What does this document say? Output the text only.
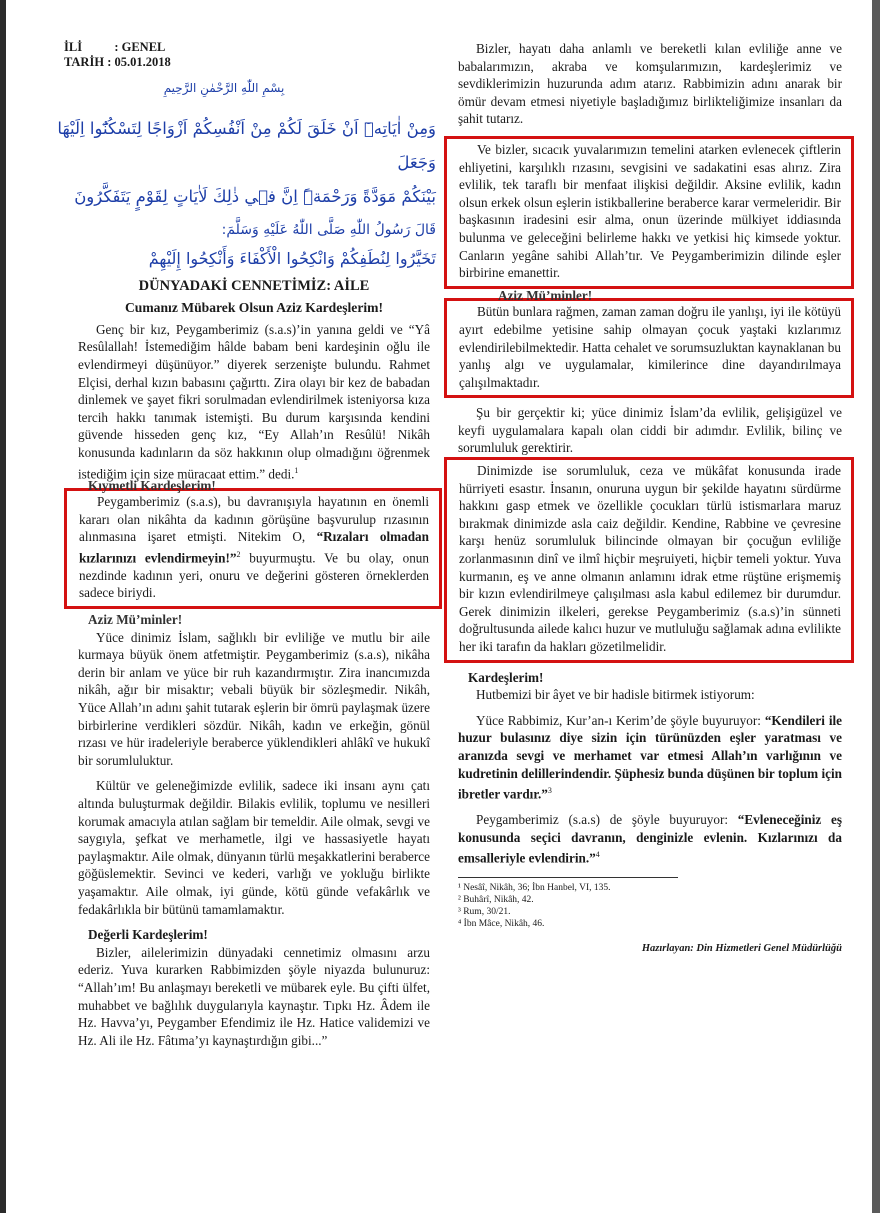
İLİ	: GENEL
TARİH : 05.01.2018
بِسْمِ اللّٰهِ الرَّحْمٰنِ الرَّحِيمِ
وَمِنْ اٰيَاتِه۪ٓ اَنْ خَلَقَ لَكُمْ مِنْ اَنْفُسِكُمْ اَزْوَاجًا لِتَسْكُنُٓوا اِلَيْهَا وَجَعَلَ
بَيْنَكُمْ مَوَدَّةً وَرَحْمَةًۜ اِنَّ ف۪ي ذٰلِكَ لَاٰيَاتٍ لِقَوْمٍ يَتَفَكَّرُونَ
قَالَ رَسُولُ اللّٰهِ صَلَّى اللّٰهُ عَلَيْهِ وَسَلَّمَ:
تَخَيَّرُوا لِنُطَفِكُمْ وَانْكِحُوا الْأَكْفَاءَ وَأَنْكِحُوا إِلَيْهِمْ
DÜNYADAKİ CENNETİMİZ: AİLE
Cumanız Mübarek Olsun Aziz Kardeşlerim!

Genç bir kız, Peygamberimiz (s.a.s)’in yanına geldi ve “Yâ Resûlallah! İstemediğim hâlde babam beni kardeşinin oğlu ile evlendirmeyi düşünüyor.” diyerek serzenişte bulundu. Rahmet Elçisi, derhal kızın babasını çağırttı. Zira olayı bir kez de babadan dinlemek ve şayet fikri sorulmadan evlendirilmek isteniyorsa kıza tercih hakkı tanımak istemişti. Bu durum karşısında kendini güvende hisseden genç kız, “Ey Allah’ın Resûlü! Nikâh konusunda kadınların da söz hakkının olup olmadığını öğrenmek istediğim için size müracaat ettim.” dedi.$^1$

Kıymetli Kardeşlerim!

Peygamberimiz (s.a.s), bu davranışıyla hayatının en önemli kararı olan nikâhta da kadının görüşüne başvurulup rızasının alınmasına işaret etmişti. Nitekim O, “Rızaları olmadan kızlarınızı evlendirmeyin!”$^2$ buyurmuştu. Ve bu olay, onun nezdinde kadının yeri, onuru ve değerini gösteren örneklerden sadece biriydi.

Aziz Mü’minler!

Yüce dinimiz İslam, sağlıklı bir evliliğe ve mutlu bir aile kurmaya büyük önem atfetmiştir. Peygamberimiz (s.a.s), nikâha derin bir anlam ve yüce bir ruh kazandırmıştır. Zira inancımızda nikâh, ağır bir misaktır; vebali büyük bir sözleşmedir. Nikâh, Yüce Allah’ın adını şahit tutarak eşlerin bir ömrü paylaşmak üzere birbirlerine verdikleri sözdür. Nikâh, kadın ve erkeğin, gönül rızası ve hür iradeleriyle beraberce yüklendikleri ahlâkî ve hukukî bir sorumluluktur.

Kültür ve geleneğimizde evlilik, sadece iki insanı aynı çatı altında buluşturmak değildir. Bilakis evlilik, toplumu ve nesilleri korumak amacıyla atılan sağlam bir temeldir. Aile olmak, sevgi ve saygıyla, şefkat ve merhametle, ilgi ve hassasiyetle hayatı paylaşmaktır. Aile olmak, dünyanın türlü meşakkatlerini beraberce göğüslemektir. Sevinci ve kederi, varlığı ve yokluğu birlikte yaşamaktır. Aile olmak, iyi günde, kötü günde vefakârlık ve fedakârlıkla bir bütünü tamamlamaktır.

Değerli Kardeşlerim!

Bizler, ailelerimizin dünyadaki cennetimiz olmasını arzu ederiz. Yuva kurarken Rabbimizden şöyle niyazda bulunuruz: “Allah’ım! Bu anlaşmayı bereketli ve mübarek eyle. Bu çifti ülfet, muhabbet ve bağlılık duygularıyla kaynaştır. Tıpkı Hz. Âdem ile Hz. Havva’yı, Peygamber Efendimiz ile Hz. Hatice validemizi ve Hz. Ali ile Hz. Fâtıma’yı kaynaştırdığın gibi...”

Bizler, hayatı daha anlamlı ve bereketli kılan evliliğe anne ve babalarımızın, akraba ve komşularımızın, kardeşlerimiz ve sevdiklerimizin huzurunda adım atarız. Rabbimizin adını anarak bir ömür devam etmesi niyetiyle başladığımız birlikteliğimize insanları da şahit tutarız.

Ve bizler, sıcacık yuvalarımızın temelini atarken evlenecek çiftlerin ehliyetini, karşılıklı rızasını, sevgisini ve sadakatini esas alırız. Zira evlilik, tek taraflı bir menfaat ilişkisi değildir. Aksine evlilik, kadın olsun erkek olsun eşlerin istikballerine beraberce karar vermeleridir. Bir başkasının iradesini esir alma, onun üzerinde mülkiyet iddiasında bulunma ve geleceğini belirleme hakkı ve yetkisi hiç kimsede yoktur. Canların yegâne sahibi Allah’tır. Ve Peygamberimizin dilinde eşler birbirine emanettir.

Aziz Mü’minler!

Bütün bunlara rağmen, zaman zaman doğru ile yanlışı, iyi ile kötüyü ayırt edebilme yetisine sahip olmayan çocuk yaştaki kızlarımız evlendirilebilmektedir. Hatta cehalet ve sorumsuzluktan kaynaklanan bu yanlış algı ve uygulamalar, kimilerince dine dayandırılmaya çalışılmaktadır.

Şu bir gerçektir ki; yüce dinimiz İslam’da evlilik, gelişigüzel ve keyfi uygulamalara kapalı olan ciddi bir adımdır. Evlilik, bilinç ve sorumluluk gerektirir.

Dinimizde ise sorumluluk, ceza ve mükâfat konusunda irade hürriyeti esastır. İnsanın, onuruna uygun bir şekilde hayatını sürdürme hakkını gasp etmek ve özellikle çocukları türlü istismarlara maruz bırakmak dinimizde asla caiz değildir. Kendine, Rabbine ve çevresine karşı henüz sorumluluk bilincinde olmayan bir çocuğun evliliğe zorlanmasının dinî ve ilmî hiçbir meşruiyeti, hiçbir temeli yoktur. Yuva kurmanın, eş ve anne olmanın anlamını idrak etme rüştüne erişmemiş bir kızın evlendirilmeye çalışılması asla kabul edilemez bir durumdur. Gerek dinimizin ilkeleri, gerekse Peygamberimiz (s.a.s)’in sünneti doğrultusunda ailede kalıcı huzur ve mutluluğu sağlamak adına evlilikte her iki tarafın da hakları gözetilmelidir.

Kardeşlerim!

Hutbemizi bir âyet ve bir hadisle bitirmek istiyorum:

Yüce Rabbimiz, Kur’an-ı Kerim’de şöyle buyuruyor: “Kendileri ile huzur bulasınız diye sizin için türünüzden eşler yaratması ve aranızda sevgi ve merhamet var etmesi Allah’ın varlığının ve kudretinin delillerindendir. Şüphesiz bunda düşünen bir toplum için ibretler vardır.”$^3$

Peygamberimiz (s.a.s) de şöyle buyuruyor: “Evleneceğiniz eş konusunda seçici davranın, denginizle evlenin. Kızlarınızı da emsalleriyle evlendirin.”$^4$

¹ Nesâî, Nikâh, 36; İbn Hanbel, VI, 135.

² Buhârî, Nikâh, 42.

³ Rum, 30/21.

⁴ İbn Mâce, Nikâh, 46.

Hazırlayan: Din Hizmetleri Genel Müdürlüğü
